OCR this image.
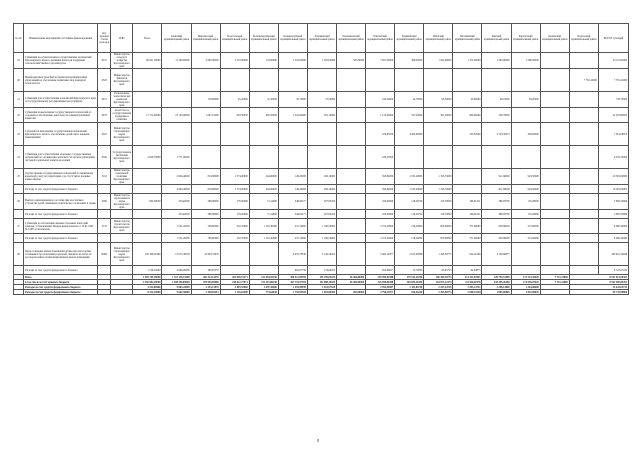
№ п/п	Наименование мероприятия, источника финансирования	Код целевой статьи расходов	ГРБС	Всего	Ачинский муниципальный район	Бирилюсский муниципальный район	Боготольский муниципальный район	Большемуртинский муниципальный район	Большеулуйский муниципальный район	Дзержинский муниципальный район	Емельяновский муниципальный район	Енисейский муниципальный район	Ермаковский муниципальный район	Иланский муниципальный район	Казачинский муниципальный район	Канский муниципальный район	Каратузский муниципальный район	Кежемский муниципальный район	Козульский муниципальный район	ВСЕГО субсидий
19	Субвенции на осуществление государственных полномочий Красноярского края по решению вопросов поддержки сельскохозяйственного производства	0231	Министерство сельского хозяйства Красноярского края	69 941,30000	11 300,00000	3 600,00000	3 210,00000	143,00000	1 316,00000	1 932,00000	325,00000	7 827,00000	390,00000	1 942,00000	1 272,00000	1 483,00000	1 286,00000			24 011,00000
20	Межбюджетные трансферты бюджетам муниципальных образований на обеспечение первичных мер пожарной безопасности	0325	Министерство финансов Красноярского края																7 781,24000	7 781,24000
21	Субвенции для осуществления полномочий Красноярского края по государственному регулированию цен (тарифов)	0451	Региональная энергетическая комиссия Красноярского края			150,80000	45,20000	31,10000	50,70000	31,50000		160,20000	24,70000	63,30000	40,90000	49,10000	83,20000			730,70000
22	Субвенции на выполнение государственных полномочий по созданию и обеспечению деятельности административных комиссий	0470	Агентство по государственной поддержке и развитию	17 172,00000	18 740,00000	1 087,10000	918,59950	485,50000	1 352,90000	391,10000		1 153,90000	557,40000	301,50000	800,00000	229,79000				24 079,84950
23	Субсидии на выполнение государственных полномочий Красноярского края по обеспечению детей-сирот жилыми помещениями	0510	Министерство образования и науки Красноярского края									476,83020	4 000,00000		253,87640	2 553,38213	300,60000			7 814,06873
24	Субвенции для осуществления отдельных государственных полномочий по организации деятельности органов управления системой социальной защиты населения	0520	Государственная инспекция Красноярского края	4 928,70000	1 771,60000							233,47000								6 435,33000
25	Осуществление государственных полномочий по первичному воинскому учету на территориях, где отсутствуют военные комиссариаты	5118	Министерство социальной политики Красноярского края		2 694,40000	818,80000	1 574,00000	444,60000	148,20000	206,10000		593,84000	1 195,20000	1 193,70000		911,60000	918,30000			10 365,09000
	Расходы за счет средств федерального бюджета				2 694,40000	818,80000	1 574,00000	444,60000	148,20000	206,10000		593,84000	1 195,20000	1 193,70000		911,60000	918,30000			10 365,09000
26	Выплата единовременного пособия при всех формах устройства детей, лишенных родительского попечения, в семью	5260	Министерство образования и науки Красноярского края	900,00000	453,40000	286,80000	176,82000	71,14000	348,82277	297,83450		450,00000	136,28740	150,70000	166,81521	386,83700	170,48000			3 895,54666
	Расходы за счет средств федерального бюджета				453,40000	286,80000	176,82000	71,14000	348,82277	297,83450		450,00000	136,28740	150,70000	166,81521	386,83700	170,48000			2 895,54666
27	Субвенции на обеспечение жильем отдельных категорий граждан, установленных Федеральным законом от 12.01.1995 № 5-ФЗ «О ветеранах»	5135	Министерство строительства Красноярского края		1 531,20000	789,60000	252,70000	1 181,30000	237,10000	1 196,50000		2 372,20000	156,20000	850,00000	371,60000	858,80000	215,90000			9 960,20000
	Расходы за счет средств федерального бюджета				1 531,20000	789,60000	252,70000	1 181,30000	237,10000	1 196,50000		2 372,20000	156,20000	850,00000	371,60000	858,80000	215,90000			9 960,20000
28	Предоставление жилых помещений детям-сиротам и детям, оставшимся без попечения родителей, лицам из их числа по договорам найма специализированных жилых помещений	R082	Министерство образования и науки Красноярского края	192 308,01960	13 672,38559	10 993,31879			9 455,78330	5 146,29452		5 482,14877	2 813,02888	1 445,38775	924,29109	4 130,66877				249 821,34946
	Расходы за счет средств федерального бюджета			1 726,10000	2 609,20000	362,67070			862,07759	133,04070		854,96027	15,70000	63,05725	92,84873					6 720,07224
	Всего			4 369 795,59000	1 511 138,71000	483 312,61470	263 028,51271	151 984,82438	468 512,89395	155 299,05429	46 366,80000	349 499,91988	270 163,16190	106 384,38773	214 321,07851	420 793,51008	175 223,45620	7 751,24000	8 922 613,00303	
	в том числе за счет краевого бюджета			4 356 982,49000	1 498 458,89000	478 950,89000	258 612,77871	151 419,86438	467 153,97395	152 888,16429	46 366,80000	345 998,86388	269 005,30450	104 875,12473	211 936,61978	418 495,26408	174 090,07620	7 751,24000	8 942 985,84263	
	Расходы за счет средств федерального бюджета			4 414,80000	9 863,29000	2 253,13070	2 003,52000	1 697,30000	1 595,99959	1 632,97520		2 594,99987	1 352,85740	2 257,44725	2 293,14721	2 298,14000	1 304,68000		34 643,05742	
	Расходы за счет средств федерального бюджета			8 414,30000	9 662,30000	2 458,65251	2 145,62500	774,64638	1 794,95500	1 853,89400	265,00000	2 798,34977	920,46240	2 293,98773	2 698,34130	1 805,00005	1 832,69845		59 743,98806	
8
